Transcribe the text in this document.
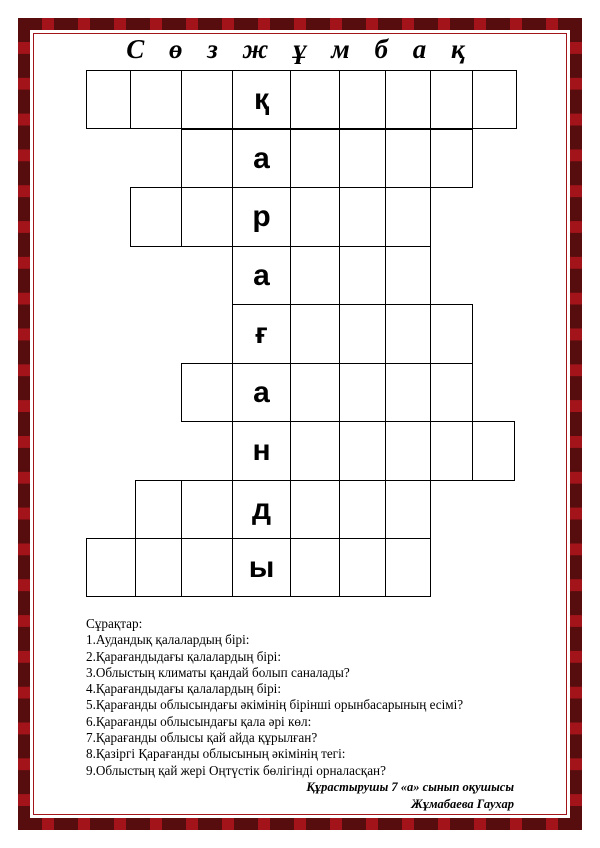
С ө з ж ұ м б а қ
қ
а
р
а
ғ
а
н
д
ы
Сұрақтар:
1.Аудандық қалалардың бірі:
2.Қарағандыдағы қалалардың бірі:
3.Облыстың климаты қандай болып саналады?
4.Қарағандыдағы қалалардың бірі:
5.Қарағанды облысындағы әкімінің бірінші орынбасарының есімі?
6.Қарағанды облысындағы қала әрі көл:
7.Қарағанды облысы қай айда құрылған?
8.Қазіргі Қарағанды облысының әкімінің тегі:
9.Облыстың қай жері Оңтүстік бөлігінді орналасқан?
Құрастырушы 7 «а» сынып оқушысы
Жұмабаева Гаухар
